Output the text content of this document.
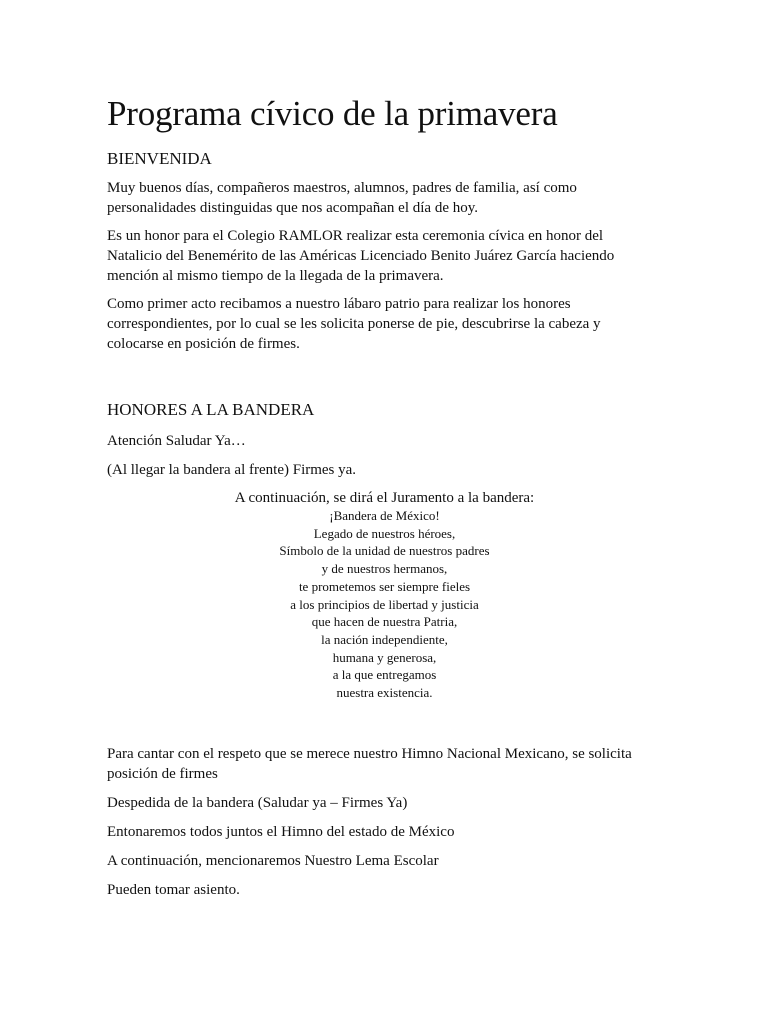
Programa cívico de la primavera
BIENVENIDA

Muy buenos días, compañeros maestros, alumnos, padres de familia, así como personalidades distinguidas que nos acompañan el día de hoy.

Es un honor para el Colegio RAMLOR realizar esta ceremonia cívica en honor del Natalicio del Benemérito de las Américas Licenciado Benito Juárez García haciendo mención al mismo tiempo de la llegada de la primavera.

Como primer acto recibamos a nuestro lábaro patrio para realizar los honores correspondientes, por lo cual se les solicita ponerse de pie, descubrirse la cabeza y colocarse en posición de firmes.

HONORES A LA BANDERA

Atención Saludar Ya…

(Al llegar la bandera al frente) Firmes ya.

A continuación, se dirá el Juramento a la bandera:
¡Bandera de México!
Legado de nuestros héroes,
Símbolo de la unidad de nuestros padres
y de nuestros hermanos,
te prometemos ser siempre fieles
a los principios de libertad y justicia
que hacen de nuestra Patria,
la nación independiente,
humana y generosa,
a la que entregamos
nuestra existencia.

Para cantar con el respeto que se merece nuestro Himno Nacional Mexicano, se solicita posición de firmes

Despedida de la bandera (Saludar ya – Firmes Ya)

Entonaremos todos juntos el Himno del estado de México

A continuación, mencionaremos Nuestro Lema Escolar

Pueden tomar asiento.
